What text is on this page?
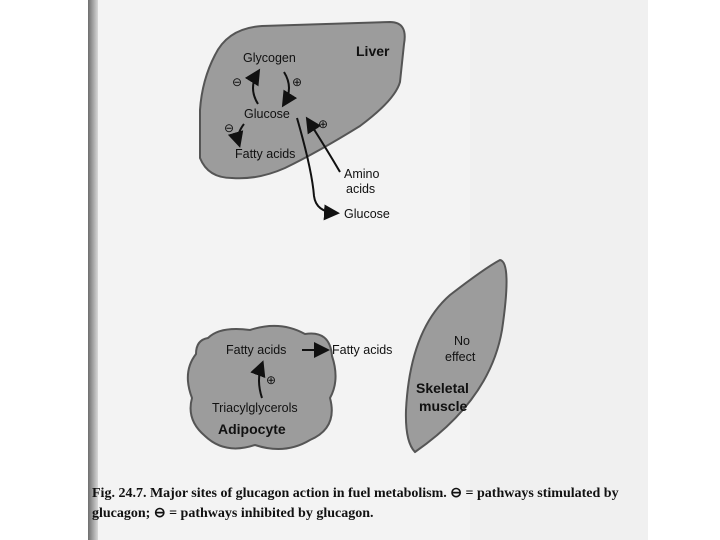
Liver
Glycogen
Glucose
Fatty acids
Amino
acids
Glucose
⊖	⊕
⊖	⊕
No
effect
Skeletal
muscle
Fatty acids
Triacylglycerols
Adipocyte
Fatty acids
⊕
Fig. 24.7. Major sites of glucagon action in fuel metabolism. ⊖ = pathways stimulated by
glucagon; ⊖ = pathways inhibited by glucagon.
